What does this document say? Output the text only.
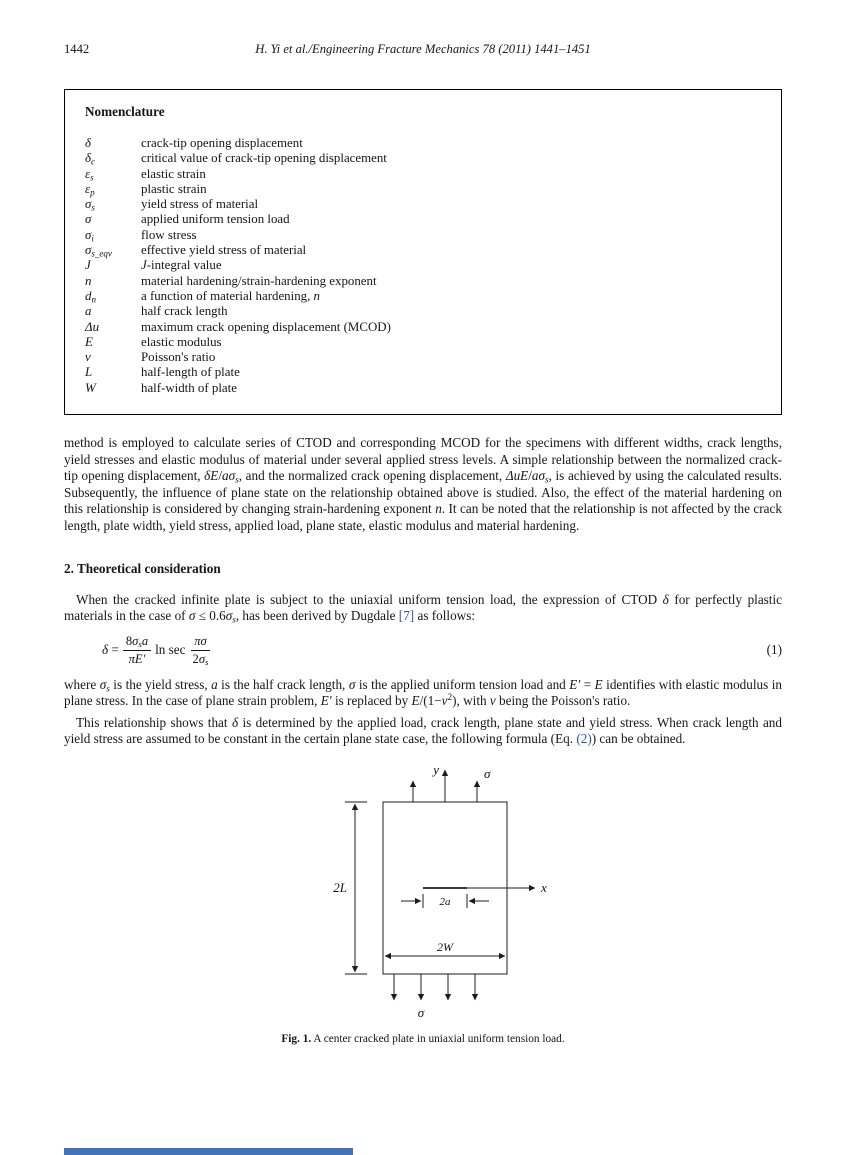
1442	H. Yi et al./Engineering Fracture Mechanics 78 (2011) 1441–1451

Nomenclature

δ	crack-tip opening displacement
$\delta_c$	critical value of crack-tip opening displacement
$\varepsilon_s$	elastic strain
$\varepsilon_p$	plastic strain
$\sigma_s$	yield stress of material
σ	applied uniform tension load
$\sigma_i$	flow stress
$\sigma_{s\_eqv}$	effective yield stress of material
J	J-integral value
n	material hardening/strain-hardening exponent
$d_n$	a function of material hardening, n
a	half crack length
Δu	maximum crack opening displacement (MCOD)
E	elastic modulus
ν	Poisson's ratio
L	half-length of plate
W	half-width of plate

method is employed to calculate series of CTOD and corresponding MCOD for the specimens with different widths, crack lengths, yield stresses and elastic modulus of material under several applied stress levels. A simple relationship between the normalized crack-tip opening displacement, $\delta E/a\sigma_s$, and the normalized crack opening displacement, ΔuE/$a\sigma_s$, is achieved by using the calculated results. Subsequently, the influence of plane state on the relationship obtained above is studied. Also, the effect of the material hardening on this relationship is considered by changing strain-hardening exponent n. It can be noted that the relationship is not affected by the crack length, plate width, yield stress, applied load, plane state, elastic modulus and material hardening.

2. Theoretical consideration

When the cracked infinite plate is subject to the uniaxial uniform tension load, the expression of CTOD δ for perfectly plastic materials in the case of $\sigma \le 0.6\sigma_s$, has been derived by Dugdale [7] as follows:

$\delta = \frac{8\sigma_sa}{\pi E'}$ $\ln \sec \frac{\pi\sigma}{2\sigma_s}$	(1)

where $\sigma_s$ is the yield stress, a is the half crack length, σ is the applied uniform tension load and E′ = E identifies with elastic modulus in plane stress. In the case of plane strain problem, E′ is replaced by $E/(1-\nu^2)$, with ν being the Poisson's ratio.

This relationship shows that δ is determined by the applied load, crack length, plane state and yield stress. When crack length and yield stress are assumed to be constant in the certain plane state case, the following formula (Eq. (2)) can be obtained.

y	σ
x
2a
2L
2W
σ

Fig. 1. A center cracked plate in uniaxial uniform tension load.
